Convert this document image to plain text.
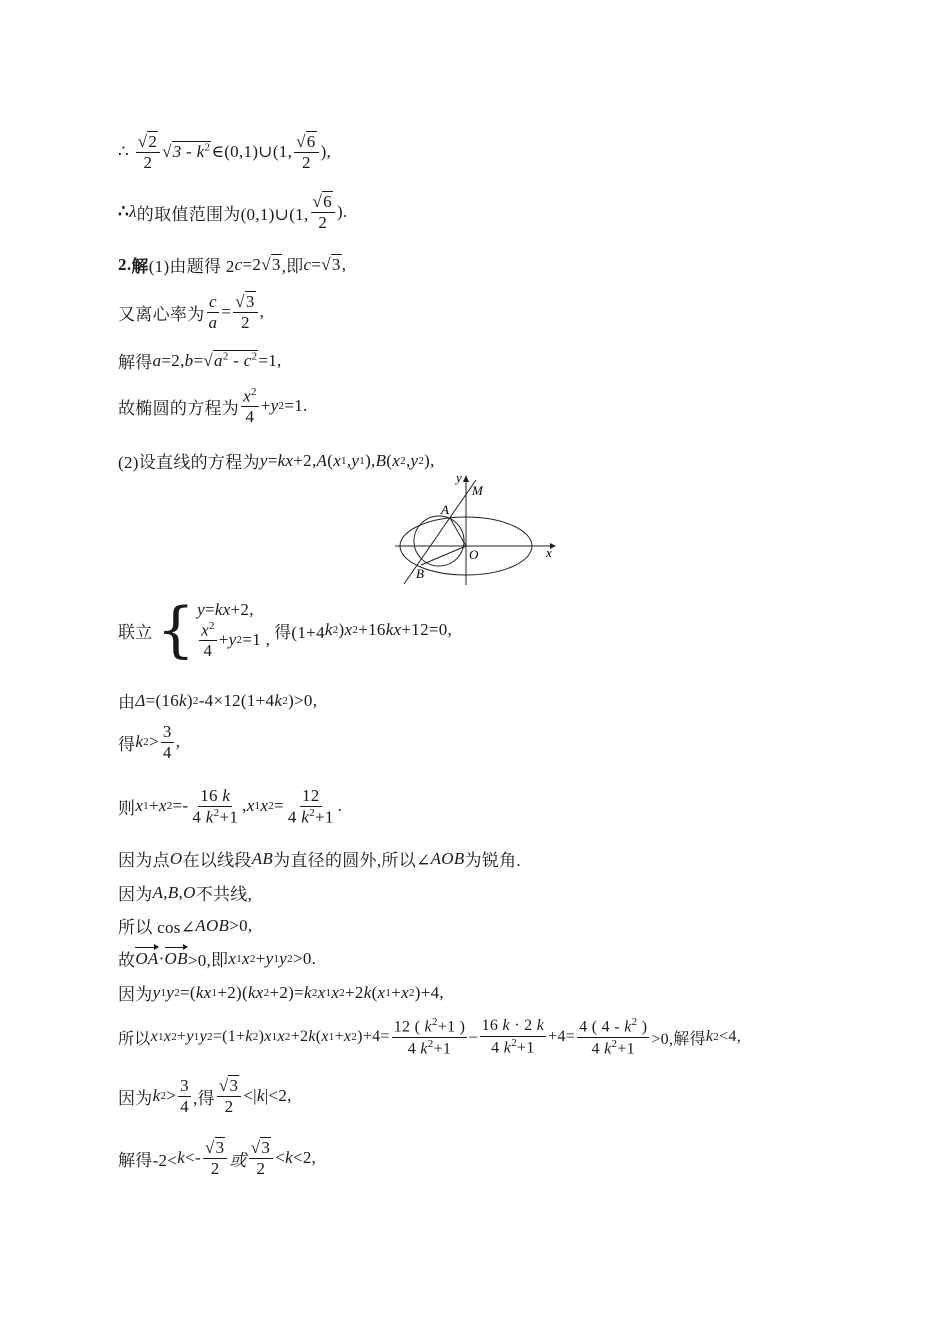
∴
$\frac{√2}{2}$ √ $3 - k^2$ ∈ (0,1)∪(1, $\frac{√6}{2}$ ),
∴ λ 的取值范围为(0,1)∪(1, $\frac{√6}{2}$ ).
2 . 解 (1)由题得 2 c =2 √ 3 ,即 c = √ 3 ,
又离心率为 $\frac{c}{a} = \frac{√3}{2}$ ,
解得 a =2, b = √ $a^2 - c^2 =1$,
故椭圆的方程为 $\frac{x^2}{4} + y$ 2 =1.
(2)设直线的方程为 y = kx +2, A ( x 1 , y 1 ), B ( x 2 , y 2 ),
y
M
A
O	x
B
联立 { y=kx+2,
$\frac{x^2}{4} + y$ 2 =1 , 得(1+4 k 2 ) x 2 +16 kx +12=0,
由 Δ =(16 k ) 2 -4×12(1+4 k 2 )>0,
得 k $2 > \frac{3}{4}$ ,
则 x 1 + x $2 =- \frac{16 k}{4 k^2+1}$ , x 1 x $2 = \frac{12}{4 k^2+1}$ .
因为点 O 在以线段 AB 为直径的圆外,所以∠ AOB 为锐角.
因为 A , B , O 不共线,
所以 cos∠ AOB >0,
故 OA · OB >0,即 x 1 x 2 + y 1 y 2 >0.
因为 y 1 y 2 =( kx 1 +2)( kx 2 +2)= k 2 x 1 x 2 +2 k ( x 1 + x 2 )+4,
所以 x 1 x 2 + y 1 y 2 =(1+ k 2 ) x 1 x 2 +2 k ( x 1 + x 2 )$+4= \frac{12 ( k^2+1 )}{4 k^2+1} - \frac{16 k \cdot 2 k}{4 k^2+1} +4= \frac{4 ( 4 - k^2 )}{4 k^2+1} >0$,解得 k 2 <4,
因为 k $2 > \frac{3}{4}$ ,得 $\frac{√3}{2}$ <| k |<2,
解得$-2< k <- \frac{√3}{2}$ 或 $\frac{√3}{2} < k <2$,
